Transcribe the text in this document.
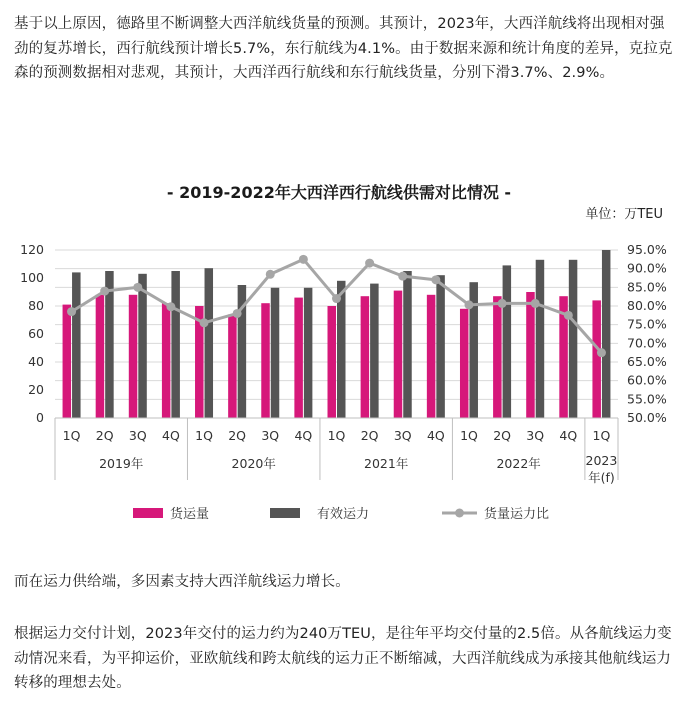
基于以上原因，德路里不断调整大西洋航线货量的预测。其预计，2023年，大西洋航线将出现相对强劲的复苏增长，西行航线预计增长5.7%，东行航线为4.1%。由于数据来源和统计角度的差异，克拉克森的预测数据相对悲观，其预计，大西洋西行航线和东行航线货量，分别下滑3.7%、2.9%。

- 2019-2022年大西洋西行航线供需对比情况 -
单位：万TEU
0
20
40
60
80
100
120
50.0%
55.0%
60.0%
65.0%
70.0%
75.0%
80.0%
85.0%
90.0%
95.0%
1Q 2Q 3Q 4Q 1Q 2Q 3Q 4Q 1Q 2Q 3Q 4Q 1Q 2Q 3Q 4Q 1Q
2019年	2020年	2021年	2022年	2023
年(f)
货运量	有效运力	货量运力比

而在运力供给端，多因素支持大西洋航线运力增长。

根据运力交付计划，2023年交付的运力约为240万TEU，是往年平均交付量的2.5倍。从各航线运力变动情况来看，为平抑运价，亚欧航线和跨太航线的运力正不断缩减，大西洋航线成为承接其他航线运力转移的理想去处。
